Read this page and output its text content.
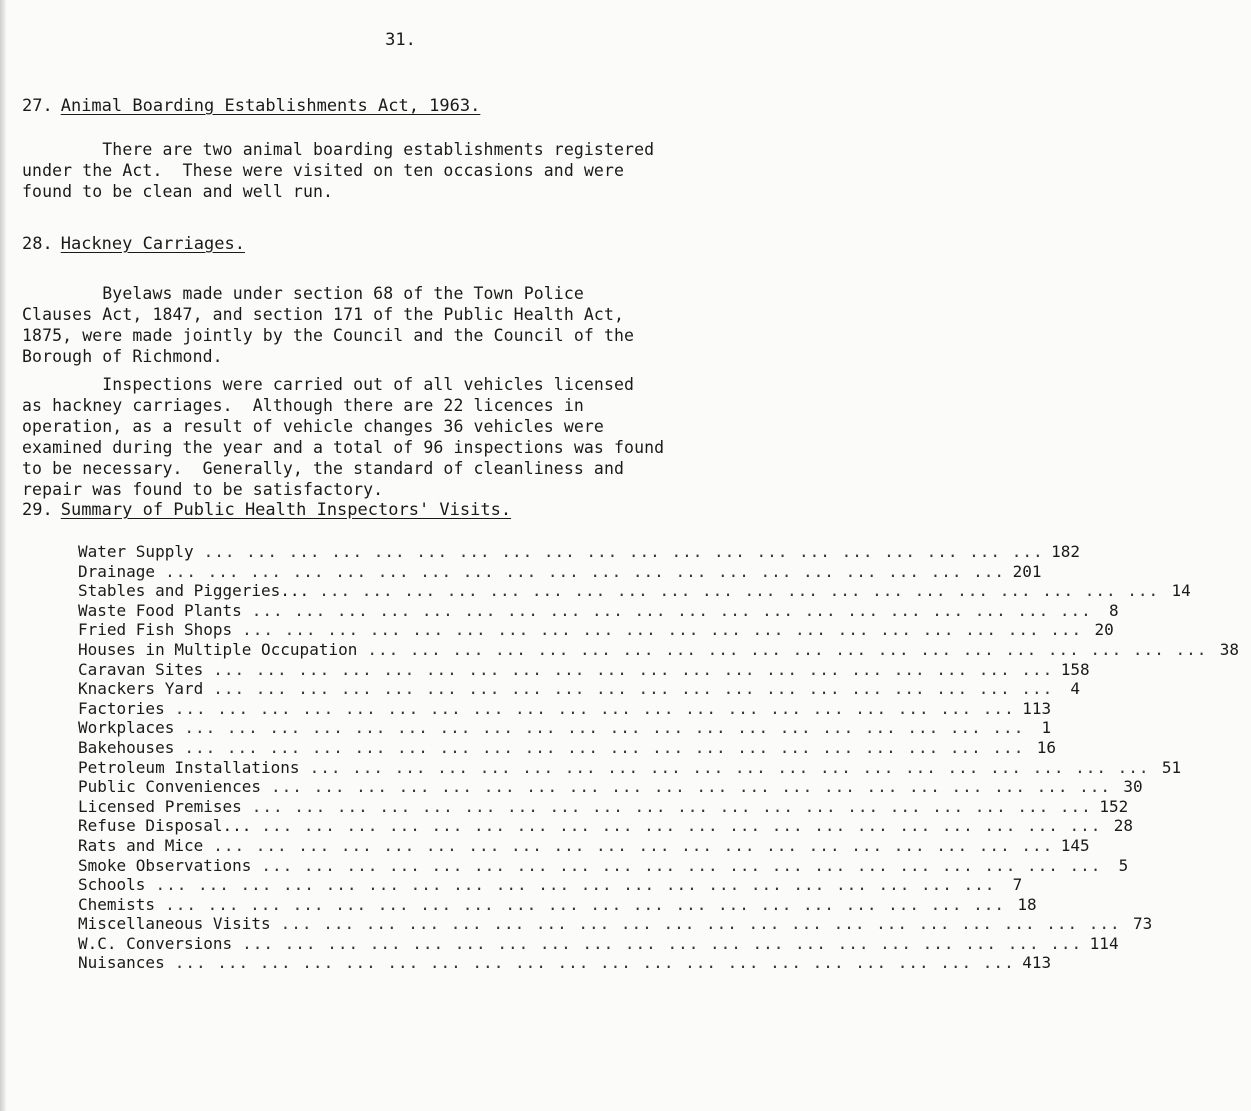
31.
27. Animal Boarding Establishments Act, 1963.

There are two animal boarding establishments registered
under the Act.  These were visited on ten occasions and were
found to be clean and well run.

28. Hackney Carriages.

Byelaws made under section 68 of the Town Police
Clauses Act, 1847, and section 171 of the Public Health Act,
1875, were made jointly by the Council and the Council of the
Borough of Richmond.

Inspections were carried out of all vehicles licensed
as hackney carriages.  Although there are 22 licences in
operation, as a result of vehicle changes 36 vehicles were
examined during the year and a total of 96 inspections was found
to be necessary.  Generally, the standard of cleanliness and
repair was found to be satisfactory.

29. Summary of Public Health Inspectors' Visits.
Water Supply ... ... ... ... ... ... ... ... ... ... ... ... ... ... ... ... ... ... ... ... 182
Drainage ... ... ... ... ... ... ... ... ... ... ... ... ... ... ... ... ... ... ... ... 201
Stables and Piggeries... ... ... ... ... ... ... ... ... ... ... ... ... ... ... ... ... ... ... ... ... 14
Waste Food Plants ... ... ... ... ... ... ... ... ... ... ... ... ... ... ... ... ... ... ... ...	8
Fried Fish Shops ... ... ... ... ... ... ... ... ... ... ... ... ... ... ... ... ... ... ... ... 20
Houses in Multiple Occupation ... ... ... ... ... ... ... ... ... ... ... ... ... ... ... ... ... ... ... ... 38
Caravan Sites ... ... ... ... ... ... ... ... ... ... ... ... ... ... ... ... ... ... ... ... 158
Knackers Yard ... ... ... ... ... ... ... ... ... ... ... ... ... ... ... ... ... ... ... ...	4
Factories ... ... ... ... ... ... ... ... ... ... ... ... ... ... ... ... ... ... ... ... 113
Workplaces ... ... ... ... ... ... ... ... ... ... ... ... ... ... ... ... ... ... ... ...	1
Bakehouses ... ... ... ... ... ... ... ... ... ... ... ... ... ... ... ... ... ... ... ... 16
Petroleum Installations ... ... ... ... ... ... ... ... ... ... ... ... ... ... ... ... ... ... ... ... 51
Public Conveniences ... ... ... ... ... ... ... ... ... ... ... ... ... ... ... ... ... ... ... ... 30
Licensed Premises ... ... ... ... ... ... ... ... ... ... ... ... ... ... ... ... ... ... ... ... 152
Refuse Disposal... ... ... ... ... ... ... ... ... ... ... ... ... ... ... ... ... ... ... ... ... 28
Rats and Mice ... ... ... ... ... ... ... ... ... ... ... ... ... ... ... ... ... ... ... ... 145
Smoke Observations ... ... ... ... ... ... ... ... ... ... ... ... ... ... ... ... ... ... ... ...	5
Schools ... ... ... ... ... ... ... ... ... ... ... ... ... ... ... ... ... ... ... ...	7
Chemists ... ... ... ... ... ... ... ... ... ... ... ... ... ... ... ... ... ... ... ... 18
Miscellaneous Visits ... ... ... ... ... ... ... ... ... ... ... ... ... ... ... ... ... ... ... ... 73
W.C. Conversions ... ... ... ... ... ... ... ... ... ... ... ... ... ... ... ... ... ... ... ... 114
Nuisances ... ... ... ... ... ... ... ... ... ... ... ... ... ... ... ... ... ... ... ... 413
